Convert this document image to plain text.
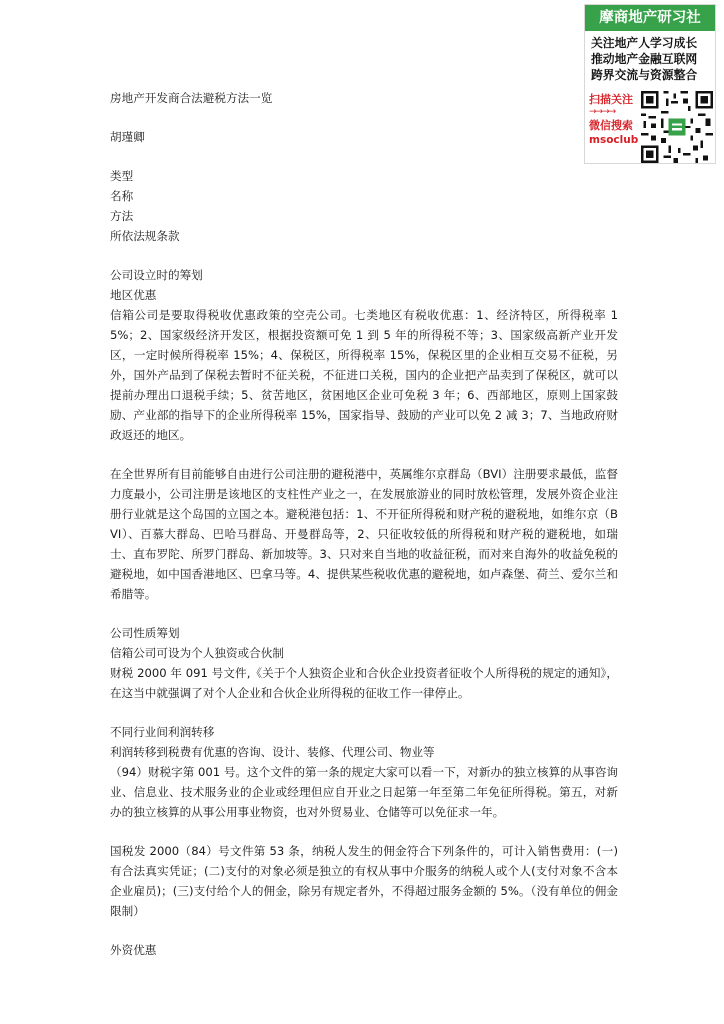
摩商地产研习社
关注地产人学习成长
推动地产金融互联网
跨界交流与资源整合
扫描关注
→→→→
微信搜索
msoclub
房地产开发商合法避税方法一览
胡瑾卿
类型
名称
方法
所依法规条款
公司设立时的筹划
地区优惠
信箱公司是要取得税收优惠政策的空壳公司。七类地区有税收优惠：1、经济特区，所得税率 15%；2、国家级经济开发区，根据投资额可免 1 到 5 年的所得税不等；3、国家级高新产业开发区，一定时候所得税率 15%；4、保税区，所得税率 15%，保税区里的企业相互交易不征税，另外，国外产品到了保税去暂时不征关税，不征进口关税，国内的企业把产品卖到了保税区，就可以提前办理出口退税手续；5、贫苦地区，贫困地区企业可免税 3 年；6、西部地区，原则上国家鼓励、产业部的指导下的企业所得税率 15%，国家指导、鼓励的产业可以免 2 减 3；7、当地政府财政返还的地区。
在全世界所有目前能够自由进行公司注册的避税港中，英属维尔京群岛（BVI）注册要求最低，监督力度最小，公司注册是该地区的支柱性产业之一，在发展旅游业的同时放松管理，发展外资企业注册行业就是这个岛国的立国之本。避税港包括：1、不开征所得税和财产税的避税地，如维尔京（BVI）、百慕大群岛、巴哈马群岛、开曼群岛等，2、只征收较低的所得税和财产税的避税地，如瑞士、直布罗陀、所罗门群岛、新加坡等。3、只对来自当地的收益征税，而对来自海外的收益免税的避税地，如中国香港地区、巴拿马等。4、提供某些税收优惠的避税地，如卢森堡、荷兰、爱尔兰和希腊等。
公司性质筹划
信箱公司可设为个人独资或合伙制
财税 2000 年 091 号文件,《关于个人独资企业和合伙企业投资者征收个人所得税的规定的通知》，在这当中就强调了对个人企业和合伙企业所得税的征收工作一律停止。
不同行业间利润转移
利润转移到税费有优惠的咨询、设计、装修、代理公司、物业等
（94）财税字第 001 号。这个文件的第一条的规定大家可以看一下，对新办的独立核算的从事咨询业、信息业、技术服务业的企业或经理但应自开业之日起第一年至第二年免征所得税。第五，对新办的独立核算的从事公用事业物资，也对外贸易业、仓储等可以免征求一年。
国税发 2000（84）号文件第 53 条，纳税人发生的佣金符合下列条件的，可计入销售费用：(一)有合法真实凭证；(二)支付的对象必须是独立的有权从事中介服务的纳税人或个人(支付对象不含本企业雇员)；(三)支付给个人的佣金，除另有规定者外，不得超过服务金额的 5%。（没有单位的佣金限制）
外资优惠
